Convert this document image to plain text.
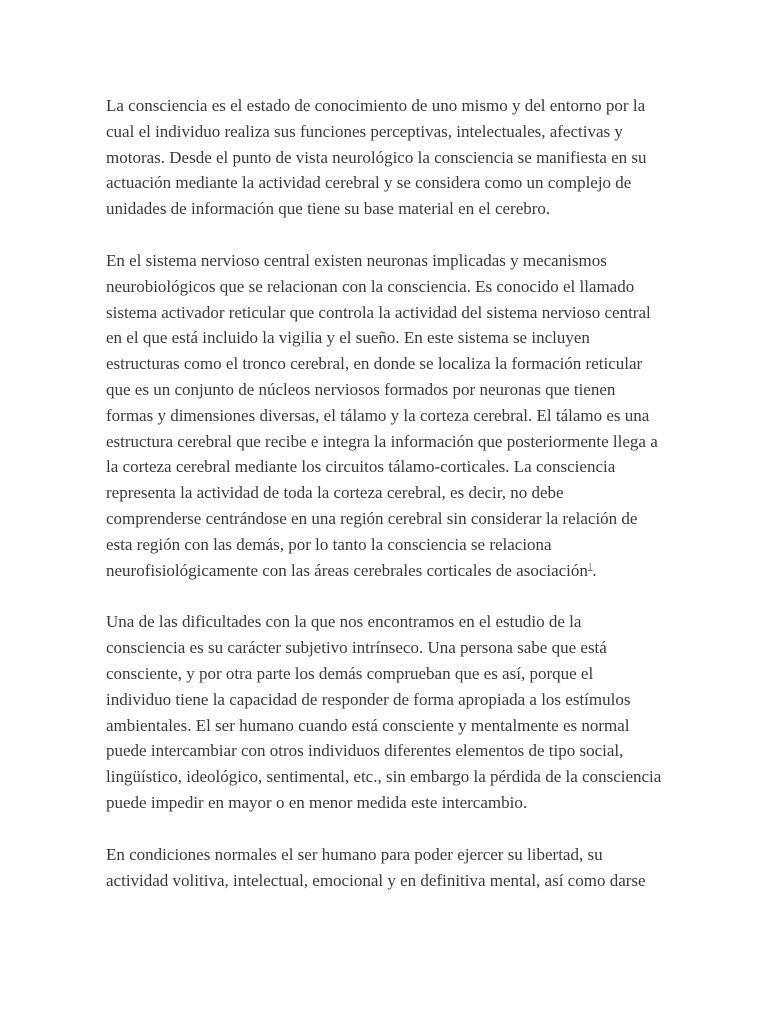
La consciencia es el estado de conocimiento de uno mismo y del entorno por la
cual el individuo realiza sus funciones perceptivas, intelectuales, afectivas y
motoras. Desde el punto de vista neurológico la consciencia se manifiesta en su
actuación mediante la actividad cerebral y se considera como un complejo de
unidades de información que tiene su base material en el cerebro.

En el sistema nervioso central existen neuronas implicadas y mecanismos
neurobiológicos que se relacionan con la consciencia. Es conocido el llamado
sistema activador reticular que controla la actividad del sistema nervioso central
en el que está incluido la vigilia y el sueño. En este sistema se incluyen
estructuras como el tronco cerebral, en donde se localiza la formación reticular
que es un conjunto de núcleos nerviosos formados por neuronas que tienen
formas y dimensiones diversas, el tálamo y la corteza cerebral. El tálamo es una
estructura cerebral que recibe e integra la información que posteriormente llega a
la corteza cerebral mediante los circuitos tálamo-corticales. La consciencia
representa la actividad de toda la corteza cerebral, es decir, no debe
comprenderse centrándose en una región cerebral sin considerar la relación de
esta región con las demás, por lo tanto la consciencia se relaciona
neurofisiológicamente con las áreas cerebrales corticales de asociación$^1$.

Una de las dificultades con la que nos encontramos en el estudio de la
consciencia es su carácter subjetivo intrínseco. Una persona sabe que está
consciente, y por otra parte los demás comprueban que es así, porque el
individuo tiene la capacidad de responder de forma apropiada a los estímulos
ambientales. El ser humano cuando está consciente y mentalmente es normal
puede intercambiar con otros individuos diferentes elementos de tipo social,
lingüístico, ideológico, sentimental, etc., sin embargo la pérdida de la consciencia
puede impedir en mayor o en menor medida este intercambio.

En condiciones normales el ser humano para poder ejercer su libertad, su
actividad volitiva, intelectual, emocional y en definitiva mental, así como darse
